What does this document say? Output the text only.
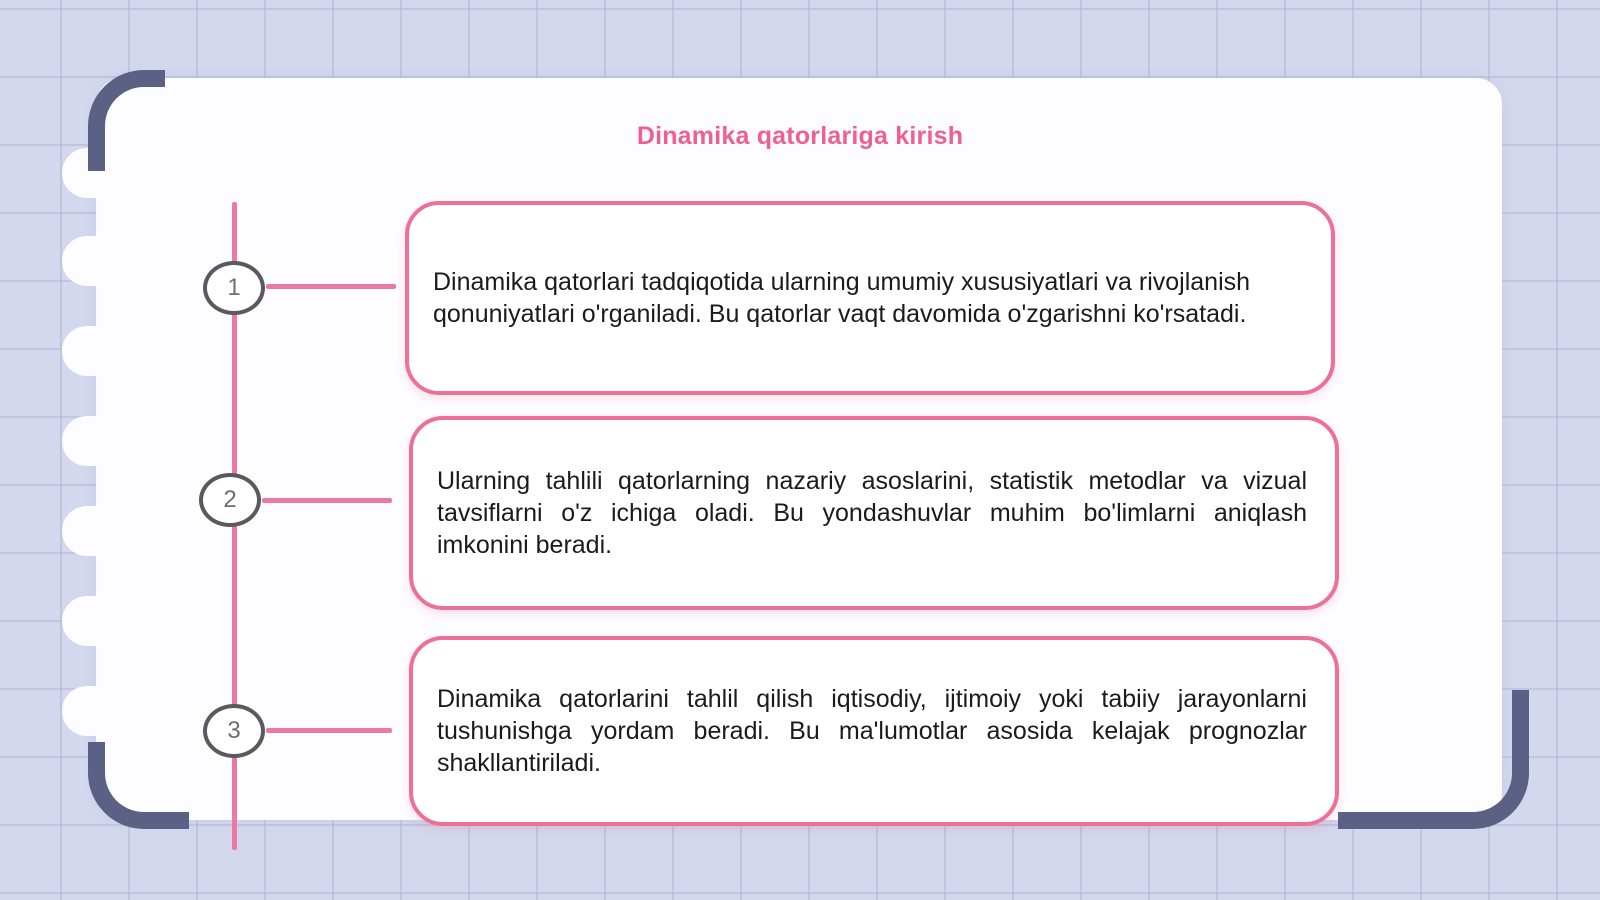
Dinamika qatorlariga kirish
1	Dinamika qatorlari tadqiqotida ularning umumiy xususiyatlari va rivojlanish qonuniyatlari o'rganiladi. Bu qatorlar vaqt davomida o'zgarishni ko'rsatadi.
2
Ularning tahlili qatorlarning nazariy asoslarini, statistik metodlar va vizual tavsiflarni o'z ichiga oladi. Bu yondashuvlar muhim bo'limlarni aniqlash imkonini beradi.
3
Dinamika qatorlarini tahlil qilish iqtisodiy, ijtimoiy yoki tabiiy jarayonlarni tushunishga yordam beradi. Bu ma'lumotlar asosida kelajak prognozlar shakllantiriladi.
